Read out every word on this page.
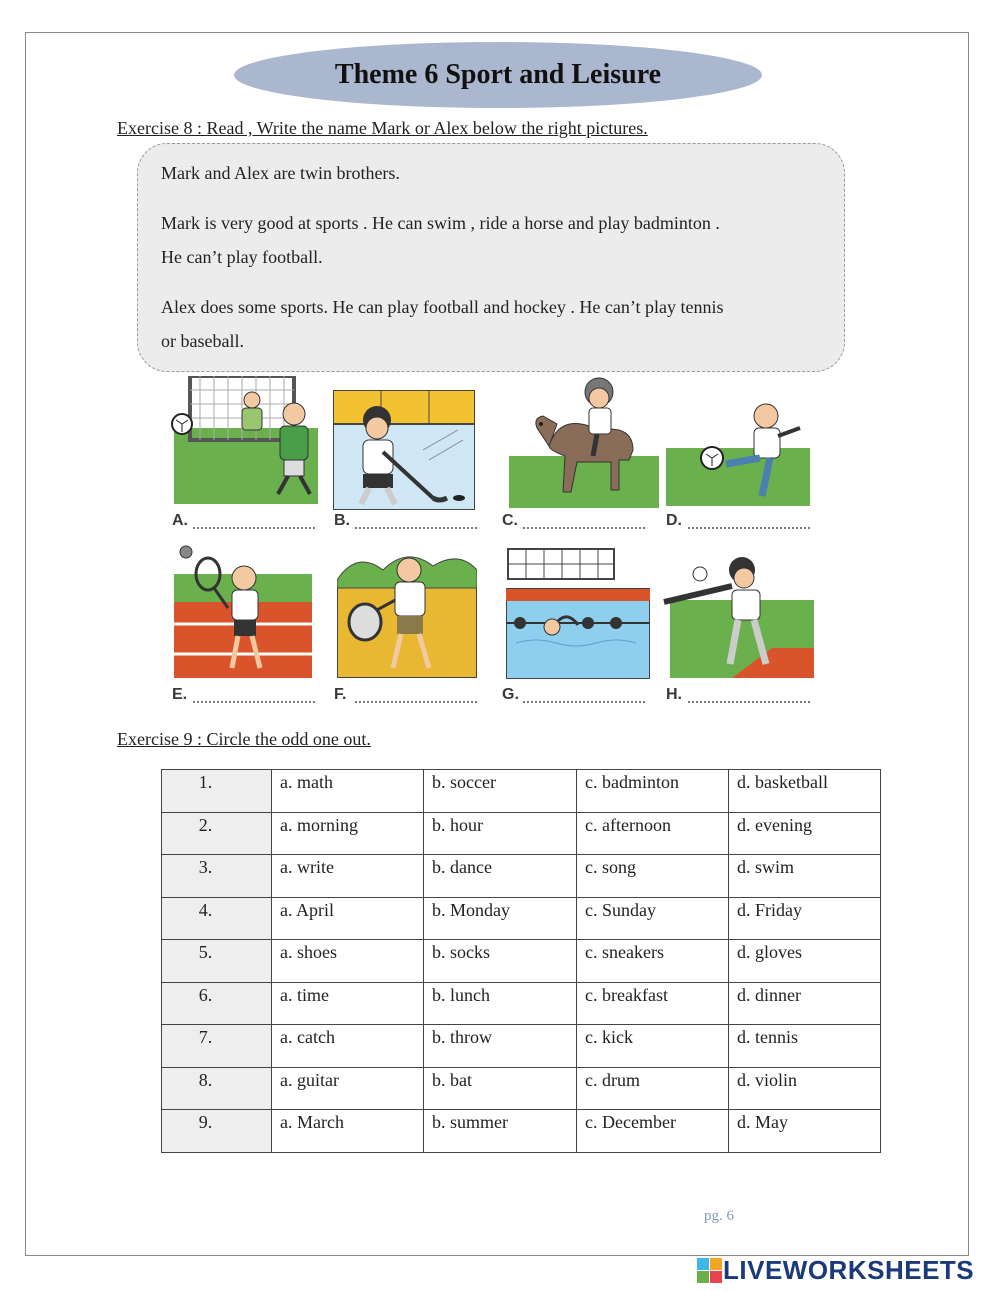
Theme 6 Sport and Leisure
Exercise 8 : Read , Write the name Mark or Alex below the right pictures.

Mark and Alex are twin brothers.

Mark is very good at sports . He can swim , ride a horse and play badminton .

He can’t play football.

Alex does some sports. He can play football and hockey . He can’t play tennis

or baseball.

A.	B.	C.	D.
E.	F.	G.	H.
Exercise 9 : Circle the odd one out.
1.	a. math	b. soccer	c. badminton	d. basketball
2.	a. morning	b. hour	c. afternoon	d. evening
3.	a. write	b. dance	c. song	d. swim
4.	a. April	b. Monday	c. Sunday	d. Friday
5.	a. shoes	b. socks	c. sneakers	d. gloves
6.	a. time	b. lunch	c. breakfast	d. dinner
7.	a. catch	b. throw	c. kick	d. tennis
8.	a. guitar	b. bat	c. drum	d. violin
9.	a. March	b. summer	c. December	d. May
pg. 6
LIVEWORKSHEETS
